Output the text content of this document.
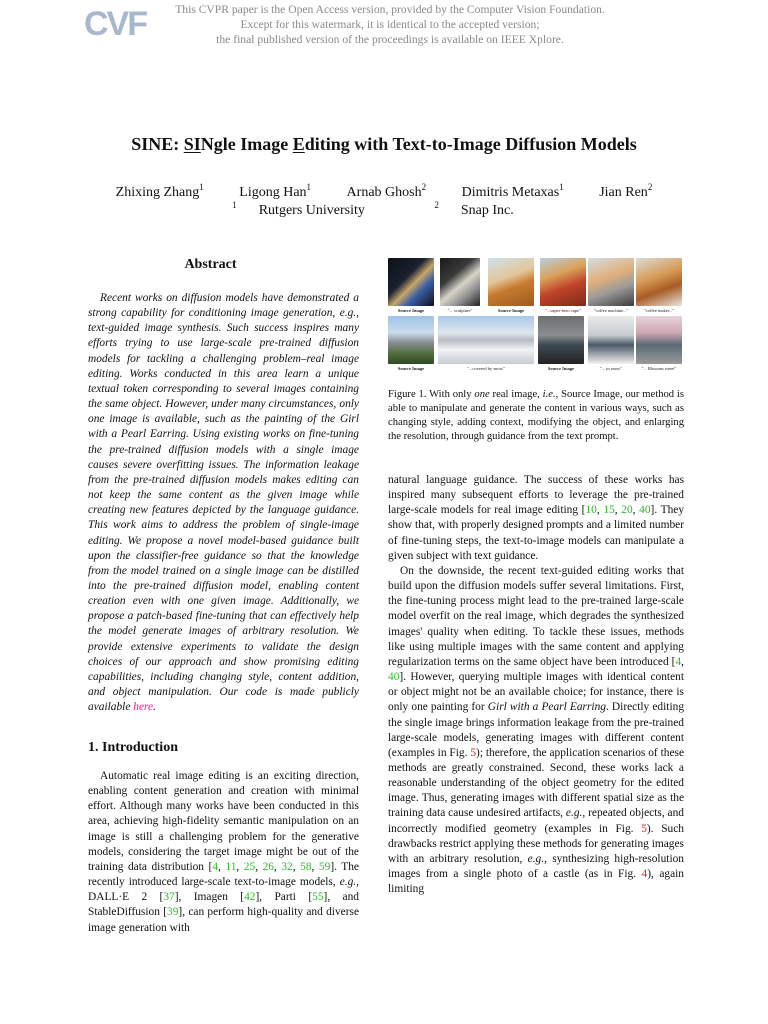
CVF	This CVPR paper is the Open Access version, provided by the Computer Vision Foundation.
Except for this watermark, it is identical to the accepted version;
the final published version of the proceedings is available on IEEE Xplore.
SINE: SINgle Image Editing with Text-to-Image Diffusion Models
Zhixing Zhang$^1$	Ligong Han$^1$	Arnab Ghosh$^2$	Dimitris Metaxas$^1$	Jian Ren$^2$
$^1$ Rutgers University	$^2$ Snap Inc.
Abstract

Recent works on diffusion models have demonstrated a strong capability for conditioning image generation, e.g., text-guided image synthesis. Such success inspires many efforts trying to use large-scale pre-trained diffusion models for tackling a challenging problem–real image editing. Works conducted in this area learn a unique textual token corresponding to several images containing the same object. However, under many circumstances, only one image is available, such as the painting of the Girl with a Pearl Earring. Using existing works on fine-tuning the pre-trained diffusion models with a single image causes severe overfitting issues. The information leakage from the pre-trained diffusion models makes editing can not keep the same content as the given image while creating new features depicted by the language guidance. This work aims to address the problem of single-image editing. We propose a novel model-based guidance built upon the classifier-free guidance so that the knowledge from the model trained on a single image can be distilled into the pre-trained diffusion model, enabling content creation even with one given image. Additionally, we propose a patch-based fine-tuning that can effectively help the model generate images of arbitrary resolution. We provide extensive experiments to validate the design choices of our approach and show promising editing capabilities, including changing style, content addition, and object manipulation. Our code is made publicly available here.

1. Introduction

Automatic real image editing is an exciting direction, enabling content generation and creation with minimal effort. Although many works have been conducted in this area, achieving high-fidelity semantic manipulation on an image is still a challenging problem for the generative models, considering the target image might be out of the training data distribution [4, 11, 25, 26, 32, 58, 59]. The recently introduced large-scale text-to-image models, e.g., DALL·E 2 [37], Imagen [42], Parti [55], and StableDiffusion [39], can perform high-quality and diverse image generation with

Source Image	"... sculpture"	Source Image	"...super-hero cape"	"coffee machine..."	"coffee maker..."
Source Image	"...covered by snow"	Source Image	"... in snow"	"... Blossom street"
Figure 1. With only one real image, i.e., Source Image, our method is able to manipulate and generate the content in various ways, such as changing style, adding context, modifying the object, and enlarging the resolution, through guidance from the text prompt.

natural language guidance. The success of these works has inspired many subsequent efforts to leverage the pre-trained large-scale models for real image editing [10, 15, 20, 40]. They show that, with properly designed prompts and a limited number of fine-tuning steps, the text-to-image models can manipulate a given subject with text guidance.

On the downside, the recent text-guided editing works that build upon the diffusion models suffer several limitations. First, the fine-tuning process might lead to the pre-trained large-scale model overfit on the real image, which degrades the synthesized images' quality when editing. To tackle these issues, methods like using multiple images with the same content and applying regularization terms on the same object have been introduced [4, 40]. However, querying multiple images with identical content or object might not be an available choice; for instance, there is only one painting for Girl with a Pearl Earring. Directly editing the single image brings information leakage from the pre-trained large-scale models, generating images with different content (examples in Fig. 5); therefore, the application scenarios of these methods are greatly constrained. Second, these works lack a reasonable understanding of the object geometry for the edited image. Thus, generating images with different spatial size as the training data cause undesired artifacts, e.g., repeated objects, and incorrectly modified geometry (examples in Fig. 5). Such drawbacks restrict applying these methods for generating images with an arbitrary resolution, e.g., synthesizing high-resolution images from a single photo of a castle (as in Fig. 4), again limiting
